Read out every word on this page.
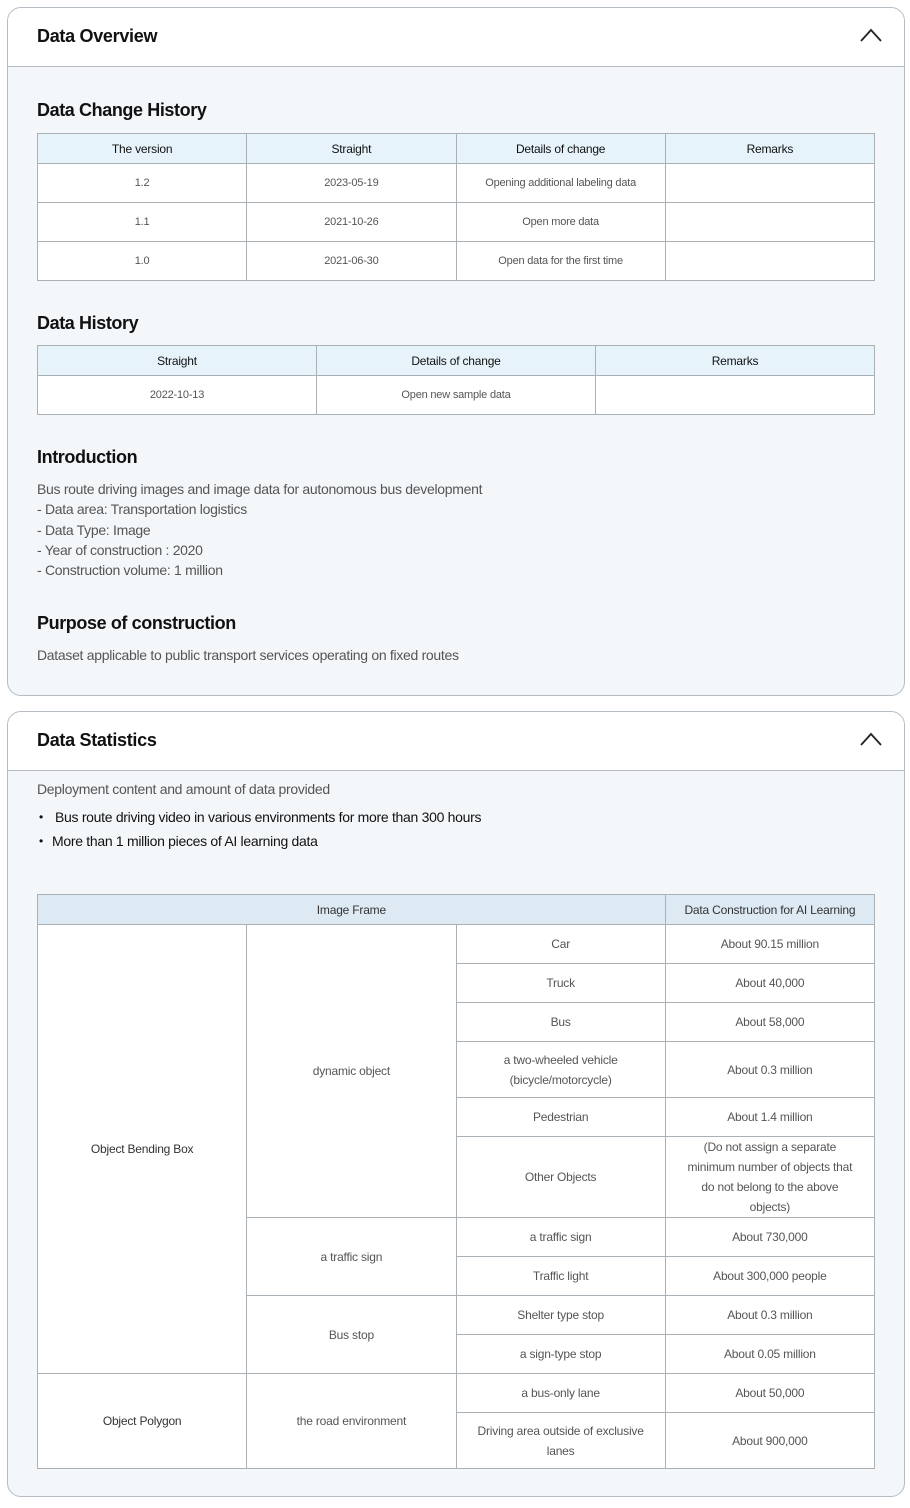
Data Overview
Data Change History
The version	Straight	Details of change	Remarks
1.2	2023-05-19	Opening additional labeling data	
1.1	2021-10-26	Open more data	
1.0	2021-06-30	Open data for the first time	
Data History
Straight	Details of change	Remarks
2022-10-13	Open new sample data	
Introduction
Bus route driving images and image data for autonomous bus development
- Data area: Transportation logistics
- Data Type: Image
- Year of construction : 2020
- Construction volume: 1 million
Purpose of construction
Dataset applicable to public transport services operating on fixed routes
Data Statistics
Deployment content and amount of data provided
• Bus route driving video in various environments for more than 300 hours
• More than 1 million pieces of AI learning data
Image Frame			Data Construction for AI Learning
Object Bending Box	dynamic object	Car	About 90.15 million
		Truck	About 40,000
		Bus	About 58,000
		a two-wheeled vehicle (bicycle/motorcycle)	About 0.3 million
		Pedestrian	About 1.4 million
		Other Objects	(Do not assign a separate minimum number of objects that do not belong to the above objects)
	a traffic sign	a traffic sign	About 730,000
		Traffic light	About 300,000 people
	Bus stop	Shelter type stop	About 0.3 million
		a sign-type stop	About 0.05 million
Object Polygon	the road environment	a bus-only lane	About 50,000
		Driving area outside of exclusive lanes	About 900,000
